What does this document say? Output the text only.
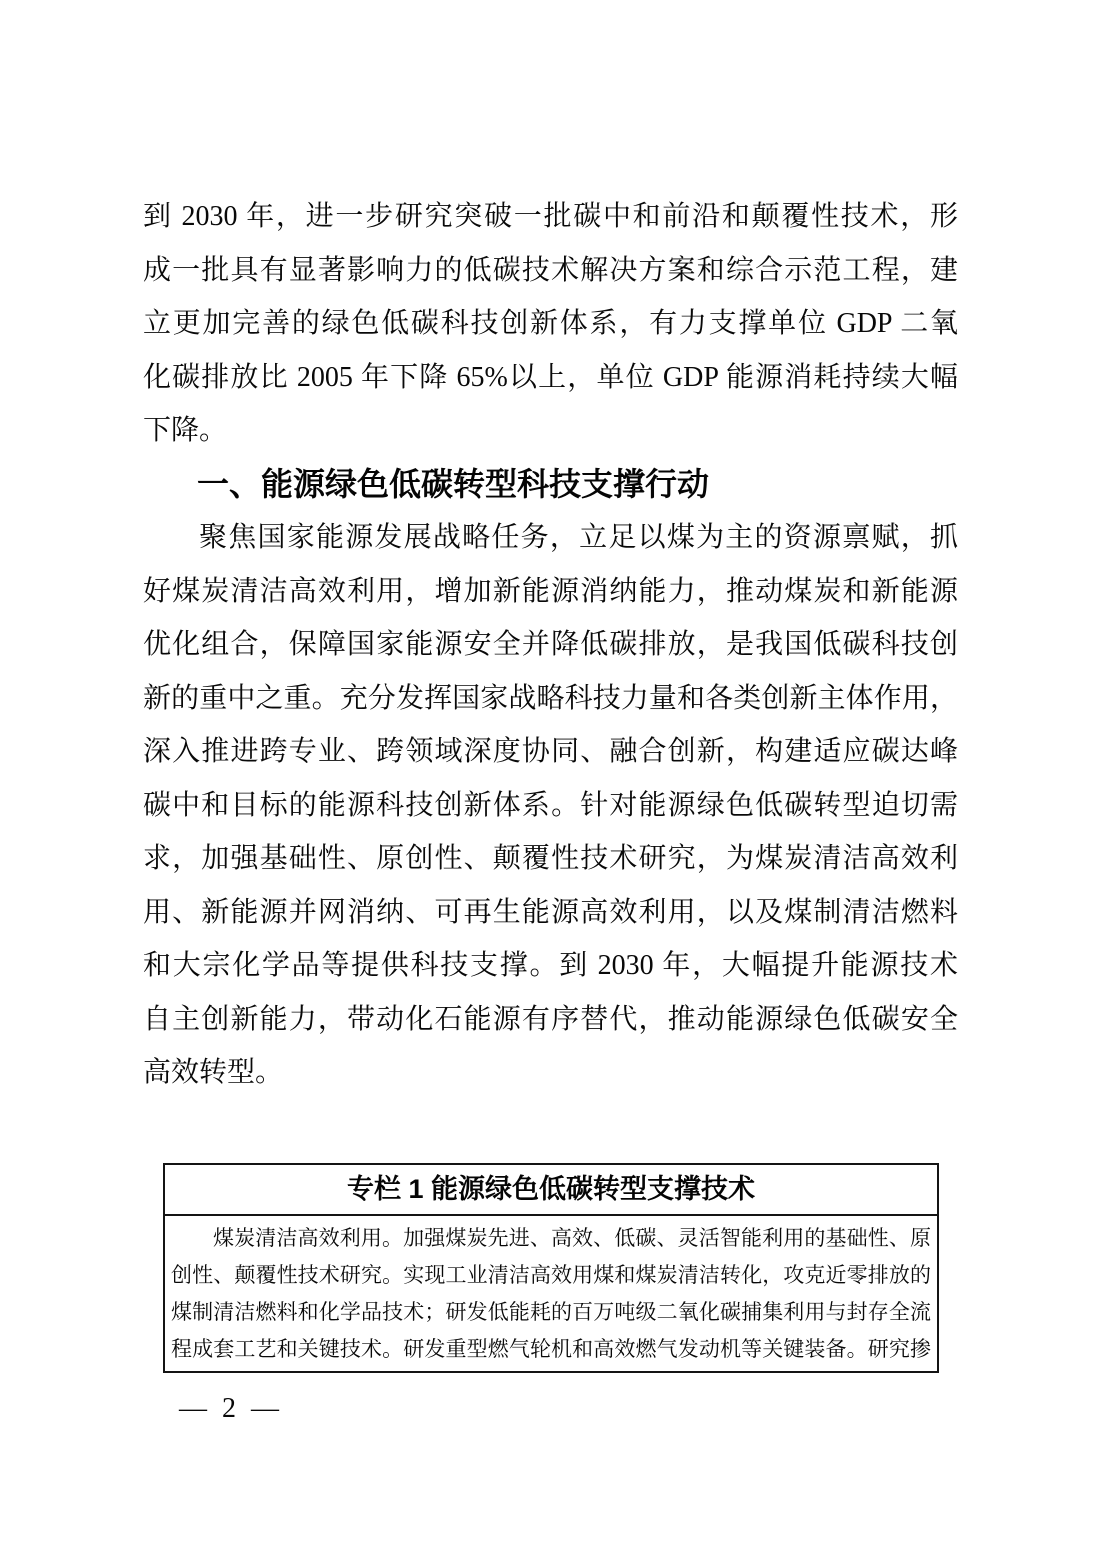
到 2030 年，进一步研究突破一批碳中和前沿和颠覆性技术，形
成一批具有显著影响力的低碳技术解决方案和综合示范工程，建
立更加完善的绿色低碳科技创新体系，有力支撑单位 GDP 二氧
化碳排放比 2005 年下降 65%以上，单位 GDP 能源消耗持续大幅
下降。
一、能源绿色低碳转型科技支撑行动
聚焦国家能源发展战略任务，立足以煤为主的资源禀赋，抓
好煤炭清洁高效利用，增加新能源消纳能力，推动煤炭和新能源
优化组合，保障国家能源安全并降低碳排放，是我国低碳科技创
新的重中之重。充分发挥国家战略科技力量和各类创新主体作用，
深入推进跨专业、跨领域深度协同、融合创新，构建适应碳达峰
碳中和目标的能源科技创新体系。针对能源绿色低碳转型迫切需
求，加强基础性、原创性、颠覆性技术研究，为煤炭清洁高效利
用、新能源并网消纳、可再生能源高效利用，以及煤制清洁燃料
和大宗化学品等提供科技支撑。到 2030 年，大幅提升能源技术
自主创新能力，带动化石能源有序替代，推动能源绿色低碳安全
高效转型。
专栏 1 能源绿色低碳转型支撑技术
煤炭清洁高效利用。加强煤炭先进、高效、低碳、灵活智能利用的基础性、原
创性、颠覆性技术研究。实现工业清洁高效用煤和煤炭清洁转化，攻克近零排放的
煤制清洁燃料和化学品技术；研发低能耗的百万吨级二氧化碳捕集利用与封存全流
程成套工艺和关键技术。研发重型燃气轮机和高效燃气发动机等关键装备。研究掺
— 2 —
